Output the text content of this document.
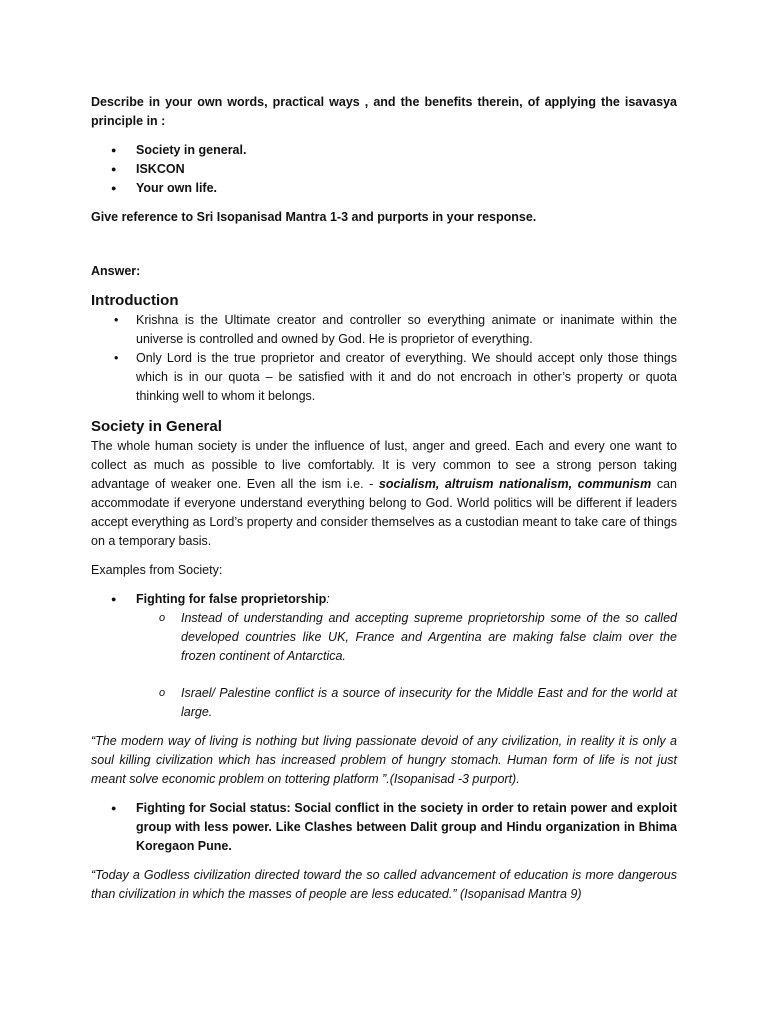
Describe in your own words, practical ways , and the benefits therein, of applying the isavasya principle in :

● Society in general.
● ISKCON
● Your own life.

Give reference to Sri Isopanisad Mantra 1-3 and purports in your response.

Answer:

Introduction
• Krishna is the Ultimate creator and controller so everything animate or inanimate within the universe is controlled and owned by God. He is proprietor of everything.
• Only Lord is the true proprietor and creator of everything. We should accept only those things which is in our quota – be satisfied with it and do not encroach in other’s property or quota thinking well to whom it belongs.
Society in General

The whole human society is under the influence of lust, anger and greed. Each and every one want to collect as much as possible to live comfortably. It is very common to see a strong person taking advantage of weaker one. Even all the ism i.e. - socialism, altruism nationalism, communism can accommodate if everyone understand everything belong to God. World politics will be different if leaders accept everything as Lord’s property and consider themselves as a custodian meant to take care of things on a temporary basis.

Examples from Society:

● Fighting for false proprietorship:
o Instead of understanding and accepting supreme proprietorship some of the so called developed countries like UK, France and Argentina are making false claim over the frozen continent of Antarctica.
o Israel/ Palestine conflict is a source of insecurity for the Middle East and for the world at large.

“The modern way of living is nothing but living passionate devoid of any civilization, in reality it is only a soul killing civilization which has increased problem of hungry stomach. Human form of life is not just meant solve economic problem on tottering platform ”.(Isopanisad -3 purport).

● Fighting for Social status: Social conflict in the society in order to retain power and exploit group with less power. Like Clashes between Dalit group and Hindu organization in Bhima Koregaon Pune.

“Today a Godless civilization directed toward the so called advancement of education is more dangerous than civilization in which the masses of people are less educated.” (Isopanisad Mantra 9)
